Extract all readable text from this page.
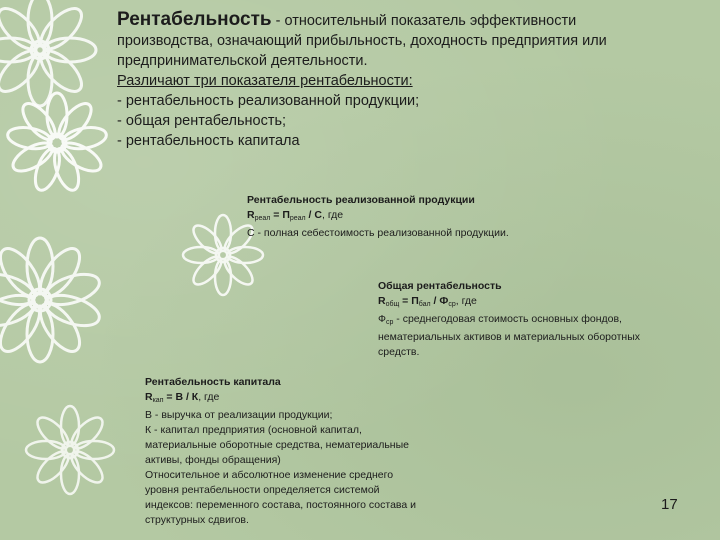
Рентабельность - относительный показатель эффективности
производства, означающий прибыльность, доходность предприятия или
предпринимательской деятельности.
Различают три показателя рентабельности:
- рентабельность реализованной продукции;
- общая рентабельность;
- рентабельность капитала
Рентабельность реализованной продукции
$R_{реал} = П_{реал} / С$, где
С - полная себестоимость реализованной продукции.
Общая рентабельность
$R_{общ} = П_{бал} / Ф_{ср}$, где
$Ф_{ср}$ - среднегодовая стоимость основных фондов,
нематериальных активов и материальных оборотных
средств.
Рентабельность капитала
$R_{кап} = В / К$, где
В - выручка от реализации продукции;
К - капитал предприятия (основной капитал,
материальные оборотные средства, нематериальные
активы, фонды обращения)
Относительное и абсолютное изменение среднего
уровня рентабельности определяется системой
индексов: переменного состава, постоянного состава и
структурных сдвигов.
17
